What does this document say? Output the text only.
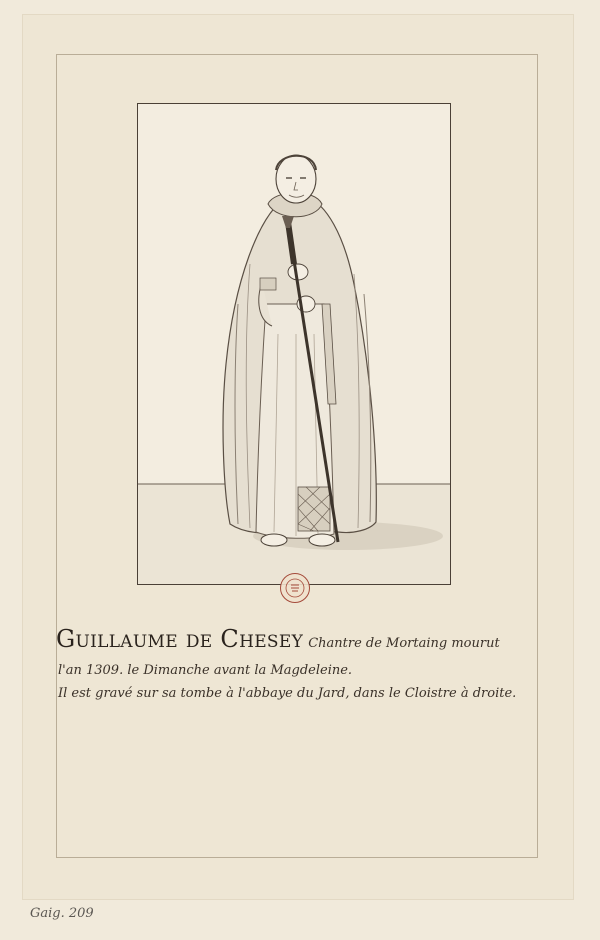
Guillaume de Chesey Chantre de Mortaing mourut
l'an 1309. le Dimanche avant la Magdeleine.
Il est gravé sur sa tombe à l'abbaye du Jard, dans le Cloistre à droite.
Gaig. 209
